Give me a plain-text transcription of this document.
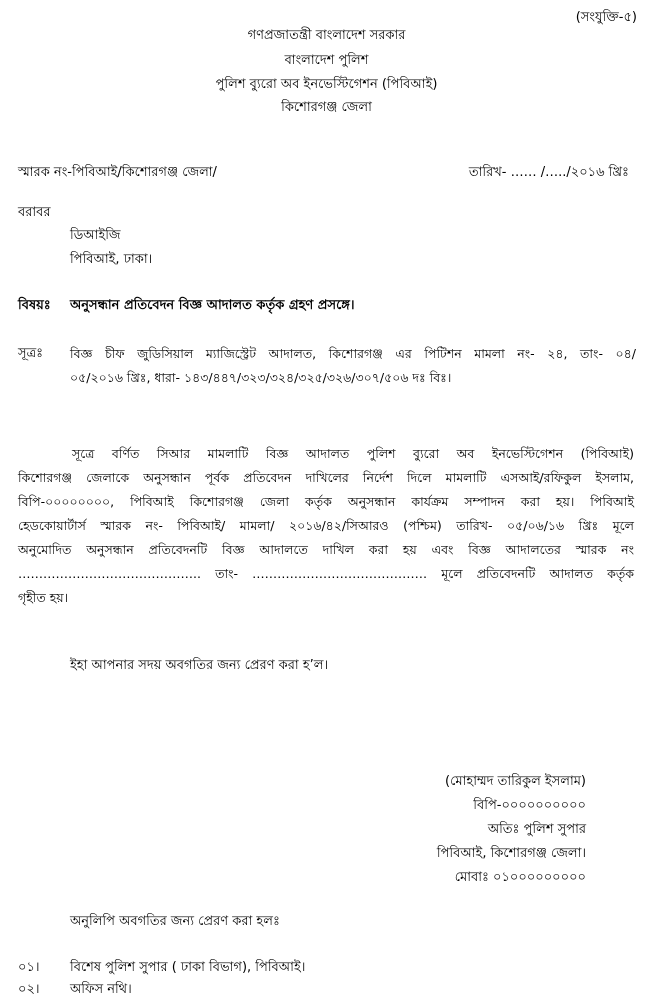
(সংযুক্তি-৫)
গণপ্রজাতন্ত্রী বাংলাদেশ সরকার
বাংলাদেশ পুলিশ
পুলিশ ব্যুরো অব ইনভেস্টিগেশন (পিবিআই)
কিশোরগঞ্জ জেলা
স্মারক নং-পিবিআই/কিশোরগঞ্জ জেলা/	তারিখ- …… /…../২০১৬ খ্রিঃ
বরাবর
ডিআইজি
পিবিআই, ঢাকা।
বিষয়ঃ অনুসন্ধান প্রতিবেদন বিজ্ঞ আদালত কর্তৃক গ্রহণ প্রসঙ্গে।
সূত্রঃ বিজ্ঞ চীফ জুডিসিয়াল ম্যাজিস্ট্রেট আদালত, কিশোরগঞ্জ এর পিটিশন মামলা নং- ২৪, তাং- ০৪/
০৫/২০১৬ খ্রিঃ, ধারা- ১৪৩/৪৪৭/৩২৩/৩২৪/৩২৫/৩২৬/৩০৭/৫০৬ দঃ বিঃ।
সূত্রে বর্ণিত সিআর মামলাটি বিজ্ঞ আদালত পুলিশ ব্যুরো অব ইনভেস্টিগেশন (পিবিআই)
কিশোরগঞ্জ জেলাকে অনুসন্ধান পূর্বক প্রতিবেদন দাখিলের নির্দেশ দিলে মামলাটি এসআই/রফিকুল ইসলাম,
বিপি-০০০০০০০০, পিবিআই কিশোরগঞ্জ জেলা কর্তৃক অনুসন্ধান কার্যক্রম সম্পাদন করা হয়। পিবিআই
হেডকোয়ার্টার্স স্মারক নং- পিবিআই/ মামলা/ ২০১৬/৪২/সিআরও (পশ্চিম) তারিখ- ০৫/০৬/১৬ খ্রিঃ মূলে
অনুমোদিত অনুসন্ধান প্রতিবেদনটি বিজ্ঞ আদালতে দাখিল করা হয় এবং বিজ্ঞ আদালতের স্মারক নং
…………………………………….. তাং- …………………………………… মূলে প্রতিবেদনটি আদালত কর্তৃক
গৃহীত হয়।
ইহা আপনার সদয় অবগতির জন্য প্রেরণ করা হ’ল।
(মোহাম্মদ তারিকুল ইসলাম)
বিপি-০০০০০০০০০০
অতিঃ পুলিশ সুপার
পিবিআই, কিশোরগঞ্জ জেলা।
মোবাঃ ০১০০০০০০০০০
অনুলিপি অবগতির জন্য প্রেরণ করা হলঃ
০১। বিশেষ পুলিশ সুপার ( ঢাকা বিভাগ), পিবিআই।
০২। অফিস নথি।
